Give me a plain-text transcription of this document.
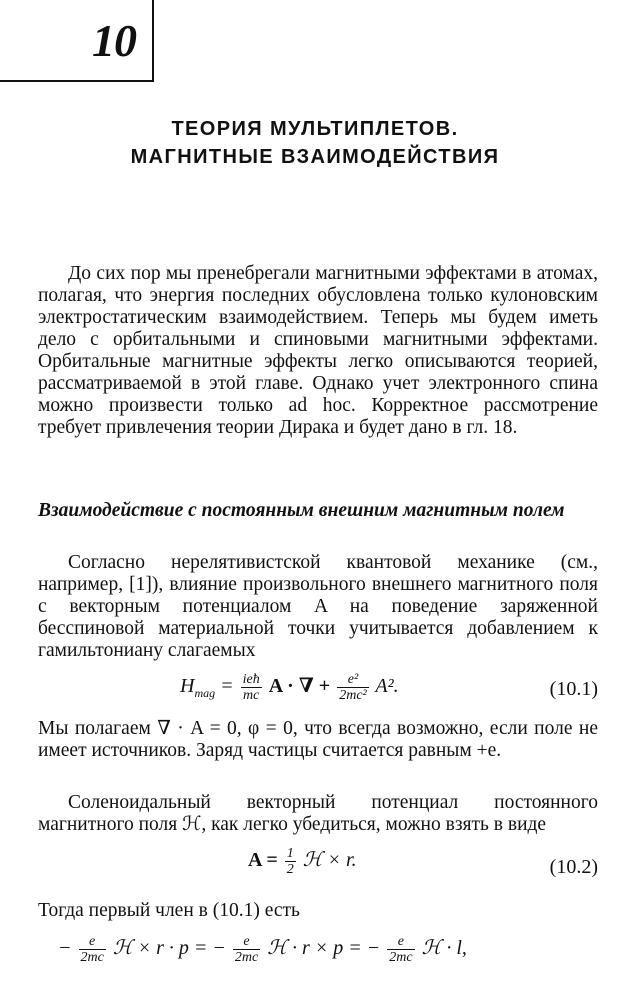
10
ТЕОРИЯ МУЛЬТИПЛЕТОВ.
МАГНИТНЫЕ ВЗАИМОДЕЙСТВИЯ
До сих пор мы пренебрегали магнитными эффектами в атомах, полагая, что энергия последних обусловлена только кулоновским электростатическим взаимодействием. Теперь мы будем иметь дело с орбитальными и спиновыми магнитными эффектами. Орбитальные магнитные эффекты легко описываются теорией, рассматриваемой в этой главе. Однако учет электронного спина можно произвести только ad hoc. Корректное рассмотрение требует привлечения теории Дирака и будет дано в гл. 18.
Взаимодействие с постоянным внешним магнитным полем
Согласно нерелятивистской квантовой механике (см., например, [1]), влияние произвольного внешнего магнитного поля с векторным потенциалом A на поведение заряженной бесспиновой материальной точки учитывается добавлением к гамильтониану слагаемых
$H_{mag} = \frac{\text{ieħ}}{mc}$ A · ∇ + $\frac{\text{e²}}{\text{2mc²}} A^2$.	(10.1)
Мы полагаем ∇ · A = 0, φ = 0, что всегда возможно, если поле не имеет источников. Заряд частицы считается равным +e.
Соленоидальный векторный потенциал постоянного магнитного поля ℋ, как легко убедиться, можно взять в виде
$A = \frac{1}{2}$ ℋ × r.	(10.2)
Тогда первый член в (10.1) есть
− $\frac{e}{2mc}$ ℋ × r · p = − $\frac{e}{2mc}$ ℋ · r × p = − $\frac{e}{2mc}$ ℋ · l,
